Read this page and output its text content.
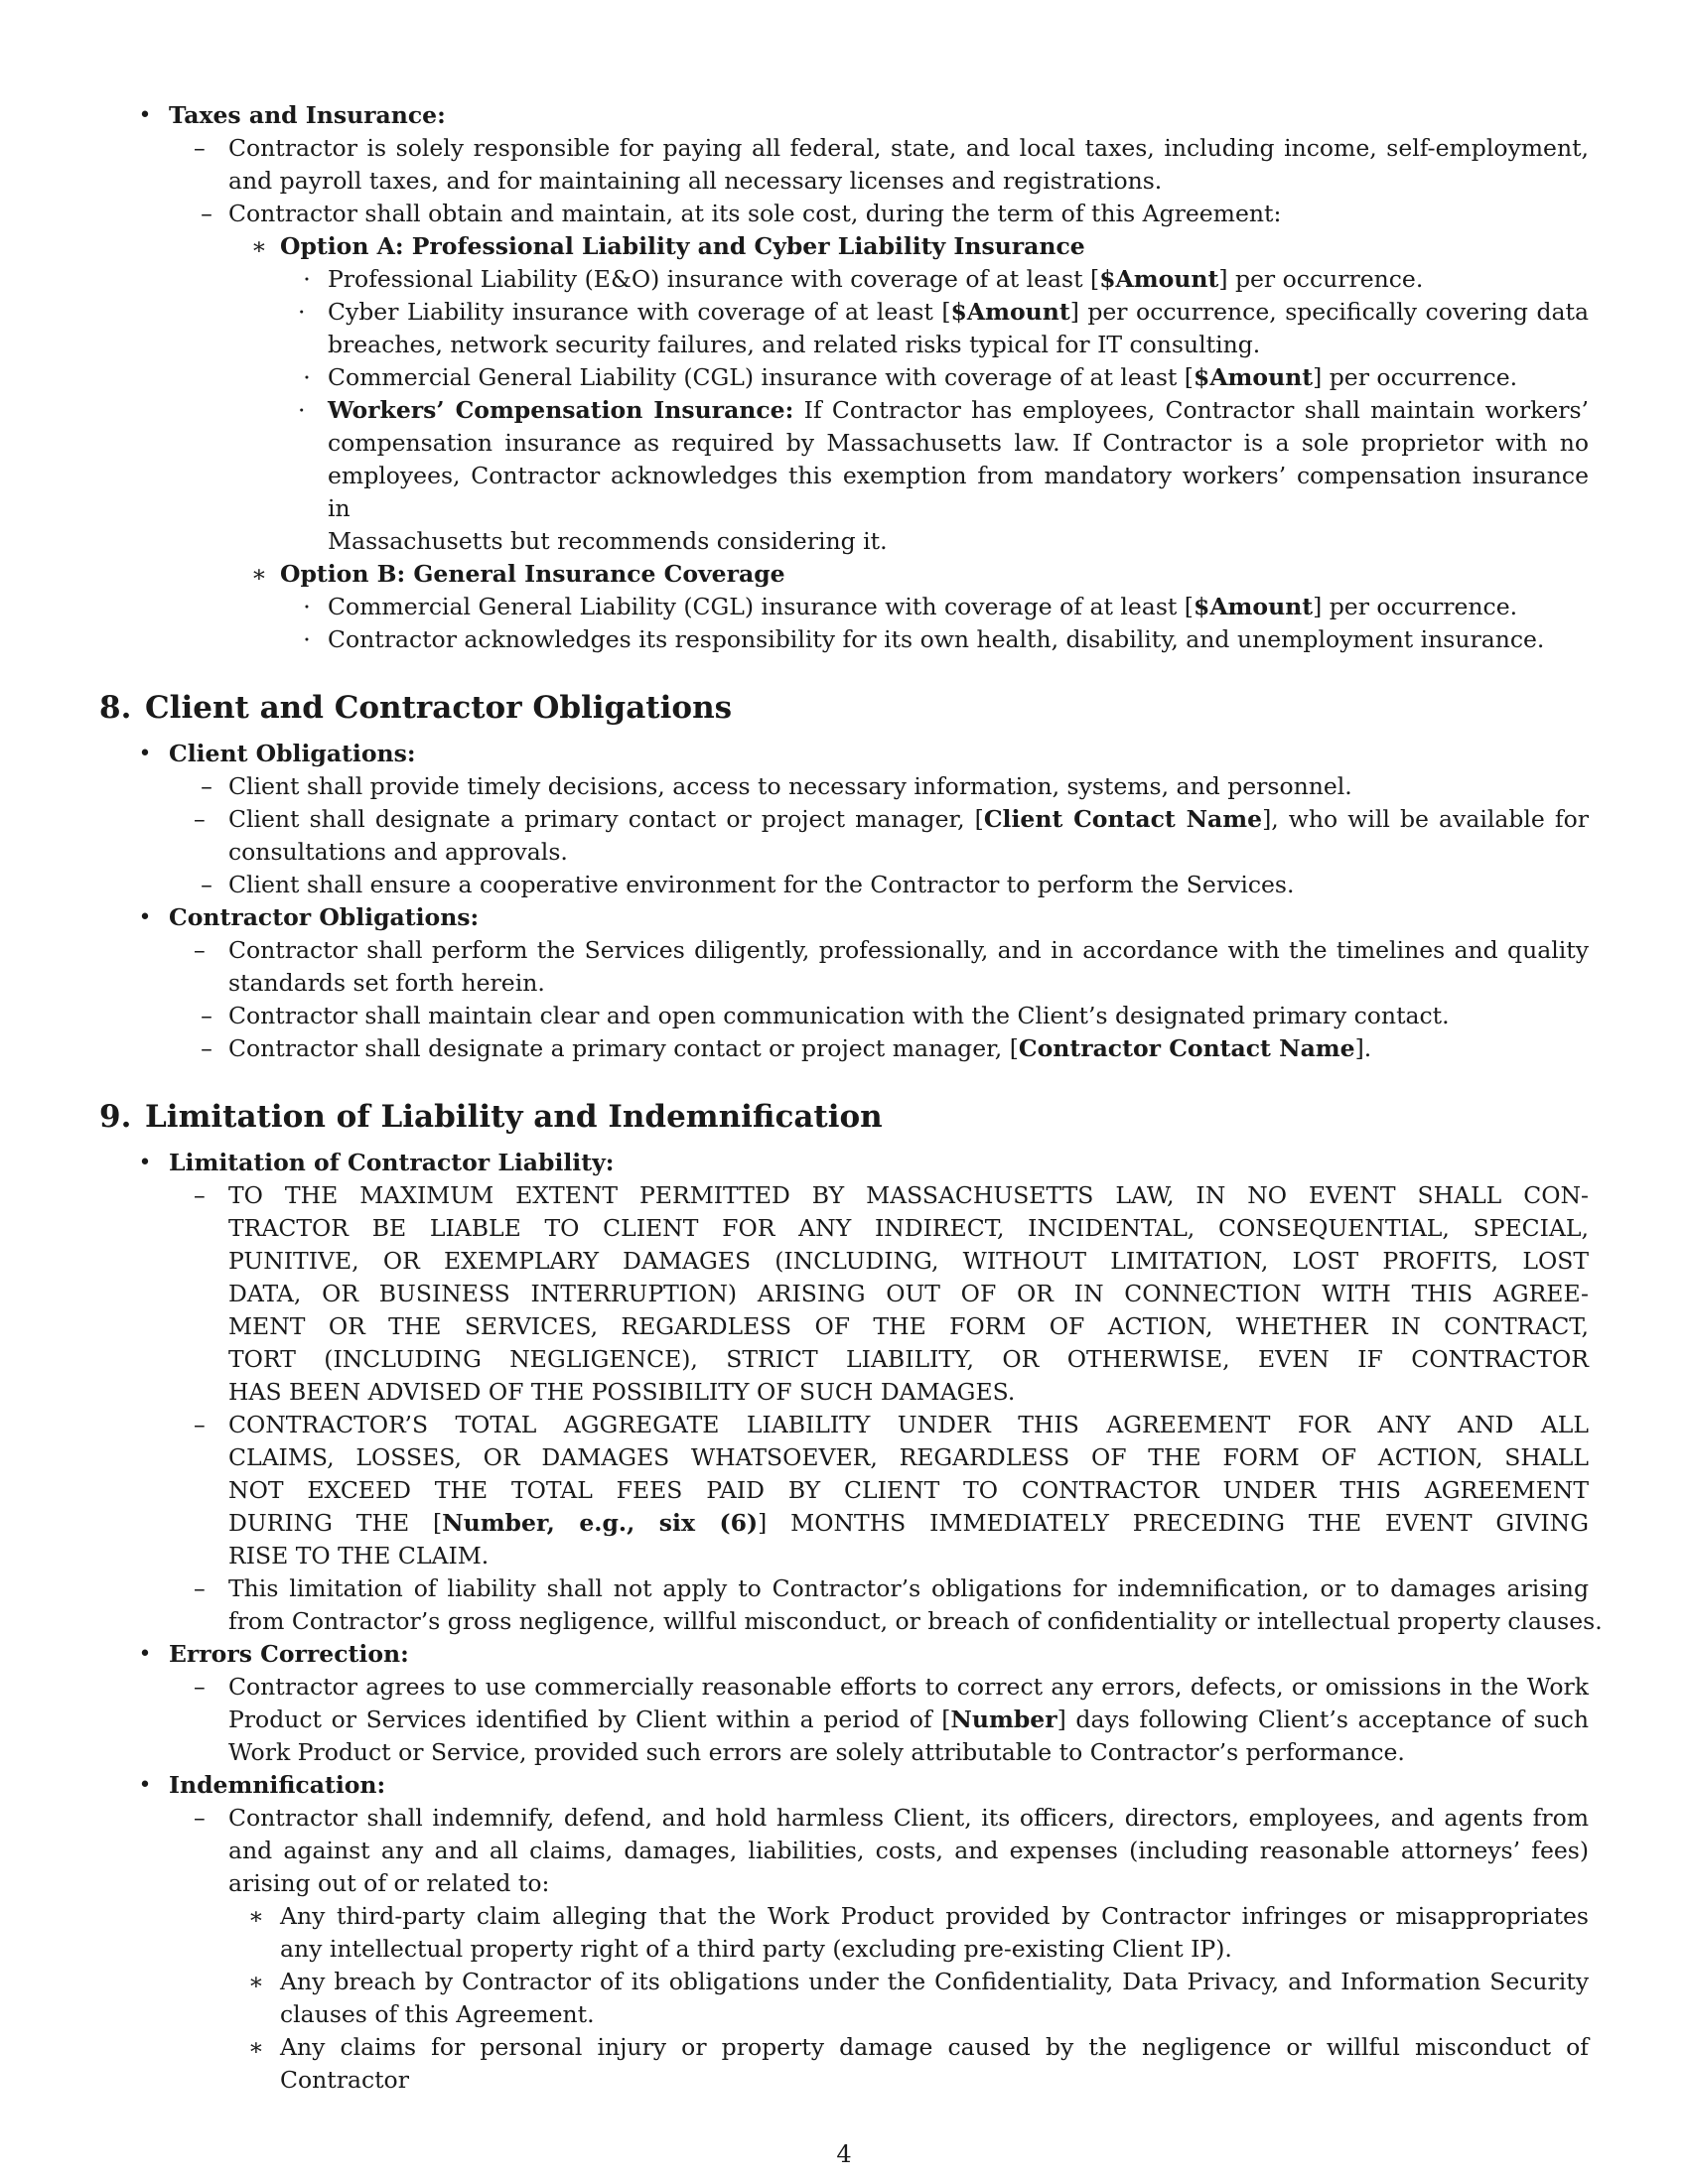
• Taxes and Insurance:
– Contractor is solely responsible for paying all federal, state, and local taxes, including income, self-employment,
and payroll taxes, and for maintaining all necessary licenses and registrations.
– Contractor shall obtain and maintain, at its sole cost, during the term of this Agreement:
∗ Option A: Professional Liability and Cyber Liability Insurance
· Professional Liability (E&O) insurance with coverage of at least [$Amount] per occurrence.
· Cyber Liability insurance with coverage of at least [$Amount] per occurrence, specifically covering data
breaches, network security failures, and related risks typical for IT consulting.
· Commercial General Liability (CGL) insurance with coverage of at least [$Amount] per occurrence.
· Workers’ Compensation Insurance: If Contractor has employees, Contractor shall maintain workers’
compensation insurance as required by Massachusetts law. If Contractor is a sole proprietor with no
employees, Contractor acknowledges this exemption from mandatory workers’ compensation insurance in
Massachusetts but recommends considering it.
∗ Option B: General Insurance Coverage
· Commercial General Liability (CGL) insurance with coverage of at least [$Amount] per occurrence.
· Contractor acknowledges its responsibility for its own health, disability, and unemployment insurance.
8. Client and Contractor Obligations
• Client Obligations:
– Client shall provide timely decisions, access to necessary information, systems, and personnel.
– Client shall designate a primary contact or project manager, [Client Contact Name], who will be available for
consultations and approvals.
– Client shall ensure a cooperative environment for the Contractor to perform the Services.
• Contractor Obligations:
– Contractor shall perform the Services diligently, professionally, and in accordance with the timelines and quality
standards set forth herein.
– Contractor shall maintain clear and open communication with the Client’s designated primary contact.
– Contractor shall designate a primary contact or project manager, [Contractor Contact Name].
9. Limitation of Liability and Indemnification
• Limitation of Contractor Liability:
– TO THE MAXIMUM EXTENT PERMITTED BY MASSACHUSETTS LAW, IN NO EVENT SHALL CON-
TRACTOR BE LIABLE TO CLIENT FOR ANY INDIRECT, INCIDENTAL, CONSEQUENTIAL, SPECIAL,
PUNITIVE, OR EXEMPLARY DAMAGES (INCLUDING, WITHOUT LIMITATION, LOST PROFITS, LOST
DATA, OR BUSINESS INTERRUPTION) ARISING OUT OF OR IN CONNECTION WITH THIS AGREE-
MENT OR THE SERVICES, REGARDLESS OF THE FORM OF ACTION, WHETHER IN CONTRACT,
TORT (INCLUDING NEGLIGENCE), STRICT LIABILITY, OR OTHERWISE, EVEN IF CONTRACTOR
HAS BEEN ADVISED OF THE POSSIBILITY OF SUCH DAMAGES.
– CONTRACTOR’S TOTAL AGGREGATE LIABILITY UNDER THIS AGREEMENT FOR ANY AND ALL
CLAIMS, LOSSES, OR DAMAGES WHATSOEVER, REGARDLESS OF THE FORM OF ACTION, SHALL
NOT EXCEED THE TOTAL FEES PAID BY CLIENT TO CONTRACTOR UNDER THIS AGREEMENT
DURING THE [Number, e.g., six (6)] MONTHS IMMEDIATELY PRECEDING THE EVENT GIVING
RISE TO THE CLAIM.
– This limitation of liability shall not apply to Contractor’s obligations for indemnification, or to damages arising
from Contractor’s gross negligence, willful misconduct, or breach of confidentiality or intellectual property clauses.
• Errors Correction:
– Contractor agrees to use commercially reasonable efforts to correct any errors, defects, or omissions in the Work
Product or Services identified by Client within a period of [Number] days following Client’s acceptance of such
Work Product or Service, provided such errors are solely attributable to Contractor’s performance.
• Indemnification:
– Contractor shall indemnify, defend, and hold harmless Client, its officers, directors, employees, and agents from
and against any and all claims, damages, liabilities, costs, and expenses (including reasonable attorneys’ fees)
arising out of or related to:
∗ Any third-party claim alleging that the Work Product provided by Contractor infringes or misappropriates
any intellectual property right of a third party (excluding pre-existing Client IP).
∗ Any breach by Contractor of its obligations under the Confidentiality, Data Privacy, and Information Security
clauses of this Agreement.
∗ Any claims for personal injury or property damage caused by the negligence or willful misconduct of Contractor
4
